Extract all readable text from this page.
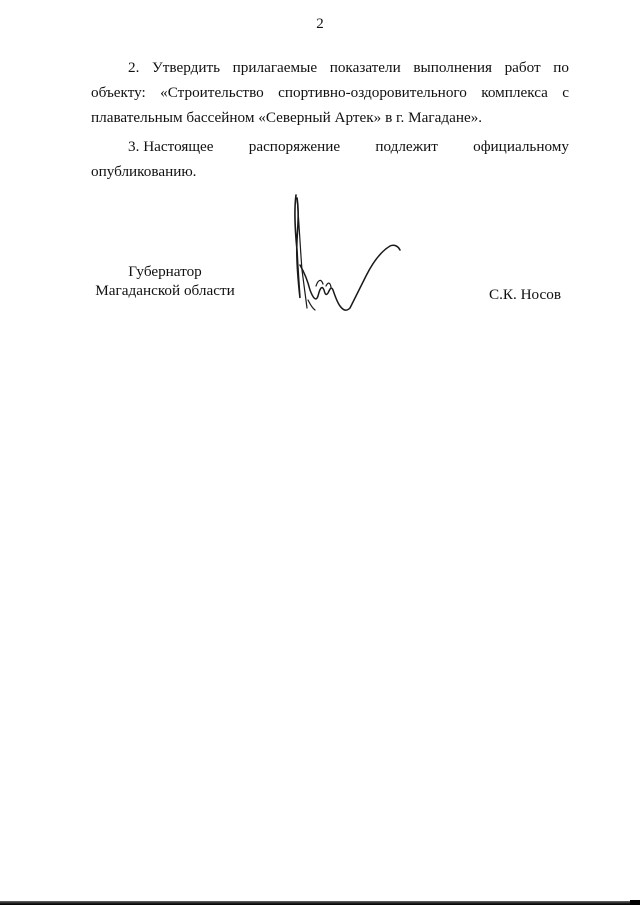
2

2. Утвердить прилагаемые показатели выполнения работ по объекту: «Строительство спортивно-оздоровительного комплекса с плавательным бассейном «Северный Артек» в г. Магадане».

3. Настоящее распоряжение подлежит официальному
опубликованию.
Губернатор
Магаданской области	С.К. Носов
